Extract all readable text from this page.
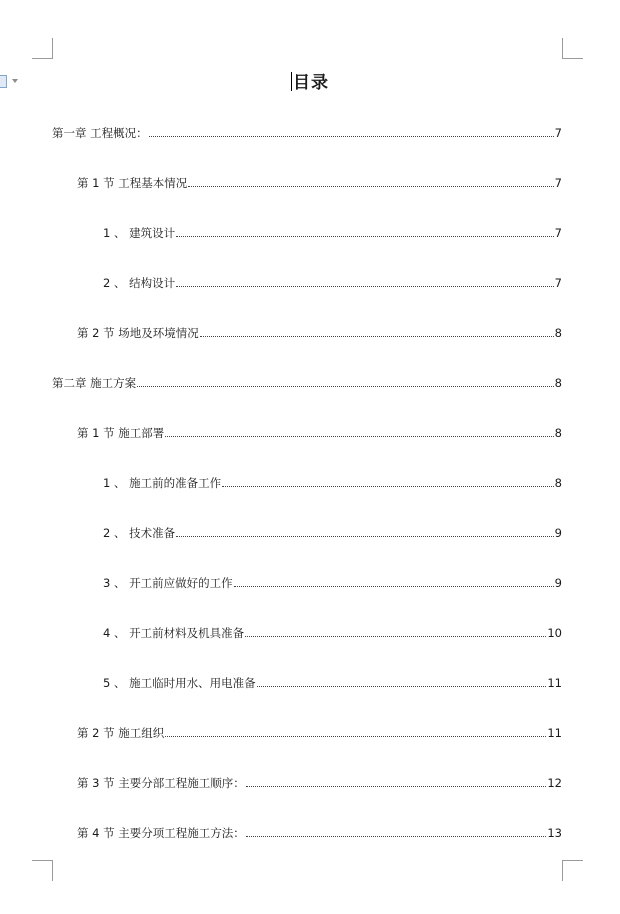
目录
第一章 工程概况：	7
第 1 节 工程基本情况	7
1 、 建筑设计	7
2 、 结构设计	7
第 2 节 场地及环境情况	8
第二章 施工方案	8
第 1 节 施工部署	8
1 、 施工前的准备工作	8
2 、 技术准备	9
3 、 开工前应做好的工作	9
4 、 开工前材料及机具准备	10
5 、 施工临时用水、用电准备	11
第 2 节 施工组织	11
第 3 节 主要分部工程施工顺序：	12
第 4 节 主要分项工程施工方法：	13
